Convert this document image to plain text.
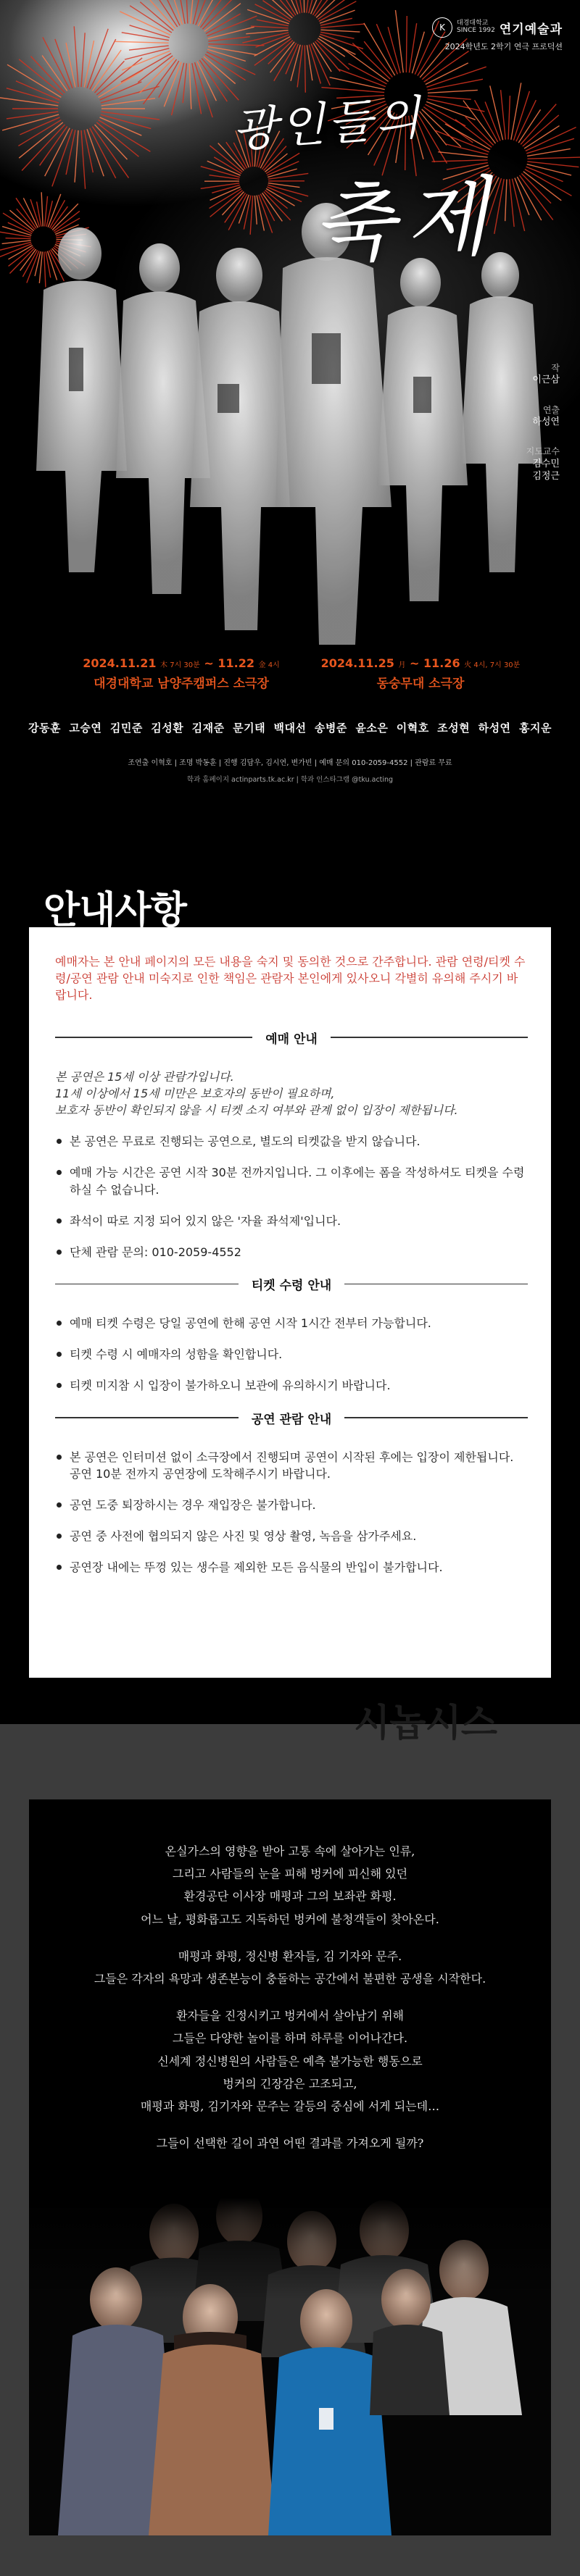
K	대경대학교
SINCE 1992 연기예술과
2024학년도 2학기 연극 프로덕션
광인들의
축제
작
이근삼
연출
하성연
지도교수
김수민
김정근
2024.11.21 木 7시 30분 ~ 11.22 金 4시
대경대학교 남양주캠퍼스 소극장
2024.11.25 月 ~ 11.26 火 4시, 7시 30분
동숭무대 소극장
강동훈  고승연  김민준  김성환  김재준  문기태  백대선  송병준  윤소은  이혁호  조성현  하성연  홍지운
조연출 이혁호 | 조명 박동훈 | 진행 김담우, 김시연, 변가빈 | 예매 문의 010-2059-4552 | 관람료 무료
학과 홈페이지 actinparts.tk.ac.kr | 학과 인스타그램 @tku.acting
안내사항

예매자는 본 안내 페이지의 모든 내용을 숙지 및 동의한 것으로 간주합니다. 관람 연령/티켓 수령/공연 관람 안내 미숙지로 인한 책임은 관람자 본인에게 있사오니 각별히 유의해 주시기 바랍니다.

예매 안내

본 공연은 15세 이상 관람가입니다.
11세 이상에서 15세 미만은 보호자의 동반이 필요하며,
보호자 동반이 확인되지 않을 시 티켓 소지 여부와 관계 없이 입장이 제한됩니다.

본 공연은 무료로 진행되는 공연으로, 별도의 티켓값을 받지 않습니다.
예매 가능 시간은 공연 시작 30분 전까지입니다. 그 이후에는 폼을 작성하셔도 티켓을 수령하실 수 없습니다.
좌석이 따로 지정 되어 있지 않은 '자율 좌석제'입니다.
단체 관람 문의: 010-2059-4552
티켓 수령 안내
예매 티켓 수령은 당일 공연에 한해 공연 시작 1시간 전부터 가능합니다.
티켓 수령 시 예매자의 성함을 확인합니다.
티켓 미지참 시 입장이 불가하오니 보관에 유의하시기 바랍니다.
공연 관람 안내
본 공연은 인터미션 없이 소극장에서 진행되며 공연이 시작된 후에는 입장이 제한됩니다. 공연 10분 전까지 공연장에 도착해주시기 바랍니다.
공연 도중 퇴장하시는 경우 재입장은 불가합니다.
공연 중 사전에 협의되지 않은 사진 및 영상 촬영, 녹음을 삼가주세요.
공연장 내에는 뚜껑 있는 생수를 제외한 모든 음식물의 반입이 불가합니다.
시놉시스

온실가스의 영향을 받아 고통 속에 살아가는 인류,
그리고 사람들의 눈을 피해 벙커에 피신해 있던
환경공단 이사장 매평과 그의 보좌관 화평.
어느 날, 평화롭고도 지독하던 벙커에 불청객들이 찾아온다.

매평과 화평, 정신병 환자들, 김 기자와 문주.
그들은 각자의 욕망과 생존본능이 충돌하는 공간에서 불편한 공생을 시작한다.

환자들을 진정시키고 벙커에서 살아남기 위해
그들은 다양한 놀이를 하며 하루를 이어나간다.
신세계 정신병원의 사람들은 예측 불가능한 행동으로
벙커의 긴장감은 고조되고,
매평과 화평, 김기자와 문주는 갈등의 중심에 서게 되는데…

그들이 선택한 길이 과연 어떤 결과를 가져오게 될까?
